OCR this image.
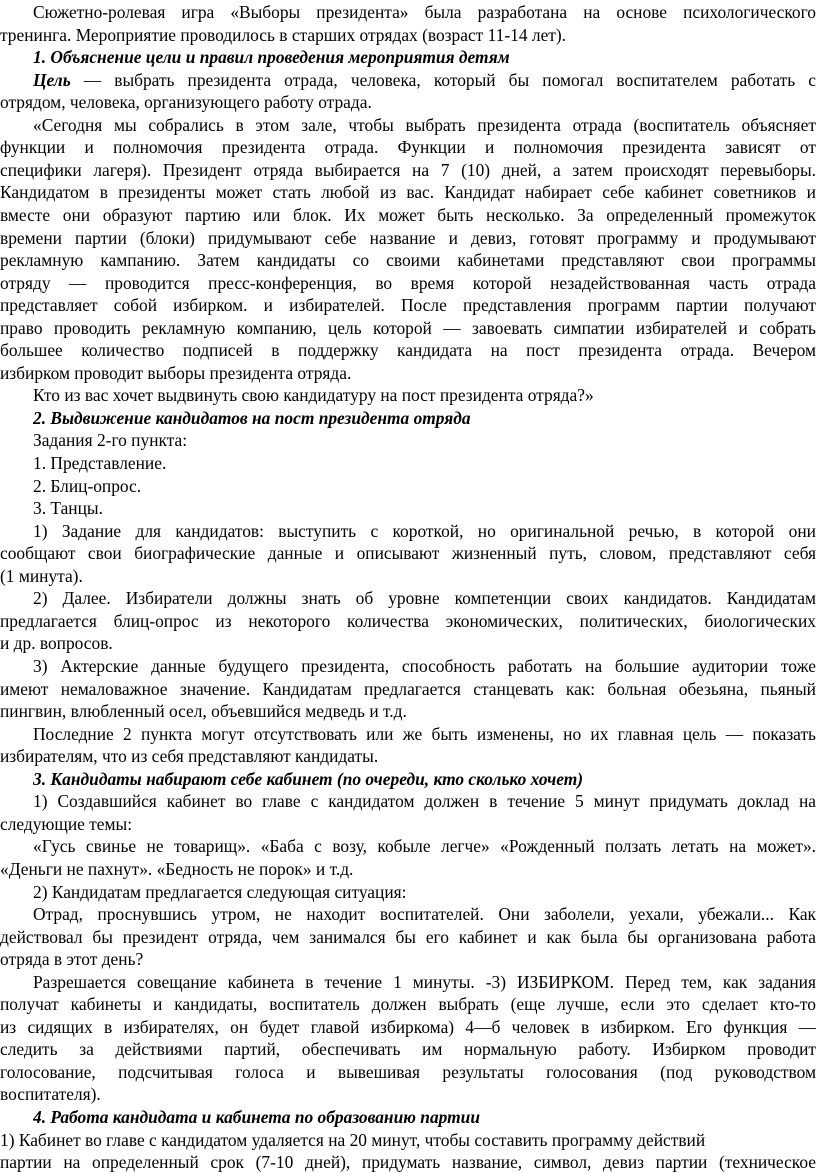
Сюжетно-ролевая игра «Выборы президента» была разработана на основе психологического
тренинга. Мероприятие проводилось в старших отрядах (возраст 11-14 лет).
1. Объяснение цели и правил проведения мероприятия детям
Цель — выбрать президента отрада, человека, который бы помогал воспитателем работать с
отрядом, человека, организующего работу отрада.
«Сегодня мы собрались в этом зале, чтобы выбрать президента отрада (воспитатель объясняет
функции и полномочия президента отрада. Функции и полномочия президента зависят от
специфики лагеря). Президент отряда выбирается на 7 (10) дней, а затем происходят перевыборы.
Кандидатом в президенты может стать любой из вас. Кандидат набирает себе кабинет советников и
вместе они образуют партию или блок. Их может быть несколько. За определенный промежуток
времени партии (блоки) придумывают себе название и девиз, готовят программу и продумывают
рекламную кампанию. Затем кандидаты со своими кабинетами представляют свои программы
отряду — проводится пресс-конференция, во время которой незадействованная часть отрада
представляет собой избирком. и избирателей. После представления программ партии получают
право проводить рекламную компанию, цель которой — завоевать симпатии избирателей и собрать
большее количество подписей в поддержку кандидата на пост президента отрада. Вечером
избирком проводит выборы президента отряда.
Кто из вас хочет выдвинуть свою кандидатуру на пост президента отряда?»
2. Выдвижение кандидатов на пост президента отряда
Задания 2-го пункта:
1. Представление.
2. Блиц-опрос.
3. Танцы.
1) Задание для кандидатов: выступить с короткой, но оригинальной речью, в которой они
сообщают свои биографические данные и описывают жизненный путь, словом, представляют себя
(1 минута).
2) Далее. Избиратели должны знать об уровне компетенции своих кандидатов. Кандидатам
предлагается блиц-опрос из некоторого количества экономических, политических, биологических
и др. вопросов.
3) Актерские данные будущего президента, способность работать на большие аудитории тоже
имеют немаловажное значение. Кандидатам предлагается станцевать как: больная обезьяна, пьяный
пингвин, влюбленный осел, объевшийся медведь и т.д.
Последние 2 пункта могут отсутствовать или же быть изменены, но их главная цель — показать
избирателям, что из себя представляют кандидаты.
3. Кандидаты набирают себе кабинет (по очереди, кто сколько хочет)
1) Создавшийся кабинет во главе с кандидатом должен в течение 5 минут придумать доклад на
следующие темы:
«Гусь свинье не товарищ». «Баба с возу, кобыле легче» «Рожденный ползать летать на может».
«Деньги не пахнут». «Бедность не порок» и т.д.
2) Кандидатам предлагается следующая ситуация:
Отрад, проснувшись утром, не находит воспитателей. Они заболели, уехали, убежали... Как
действовал бы президент отряда, чем занимался бы его кабинет и как была бы организована работа
отряда в этот день?
Разрешается совещание кабинета в течение 1 минуты. -3) ИЗБИРКОМ. Перед тем, как задания
получат кабинеты и кандидаты, воспитатель должен выбрать (еще лучше, если это сделает кто-то
из сидящих в избирателях, он будет главой избиркома) 4—б человек в избирком. Его функция —
следить за действиями партий, обеспечивать им нормальную работу. Избирком проводит
голосование, подсчитывая голоса и вывешивая результаты голосования (под руководством
воспитателя).
4. Работа кандидата и кабинета по образованию партии
1) Кабинет во главе с кандидатом удаляется на 20 минут, чтобы составить программу действий
партии на определенный срок (7-10 дней), придумать название, символ, девиз партии (техническое
